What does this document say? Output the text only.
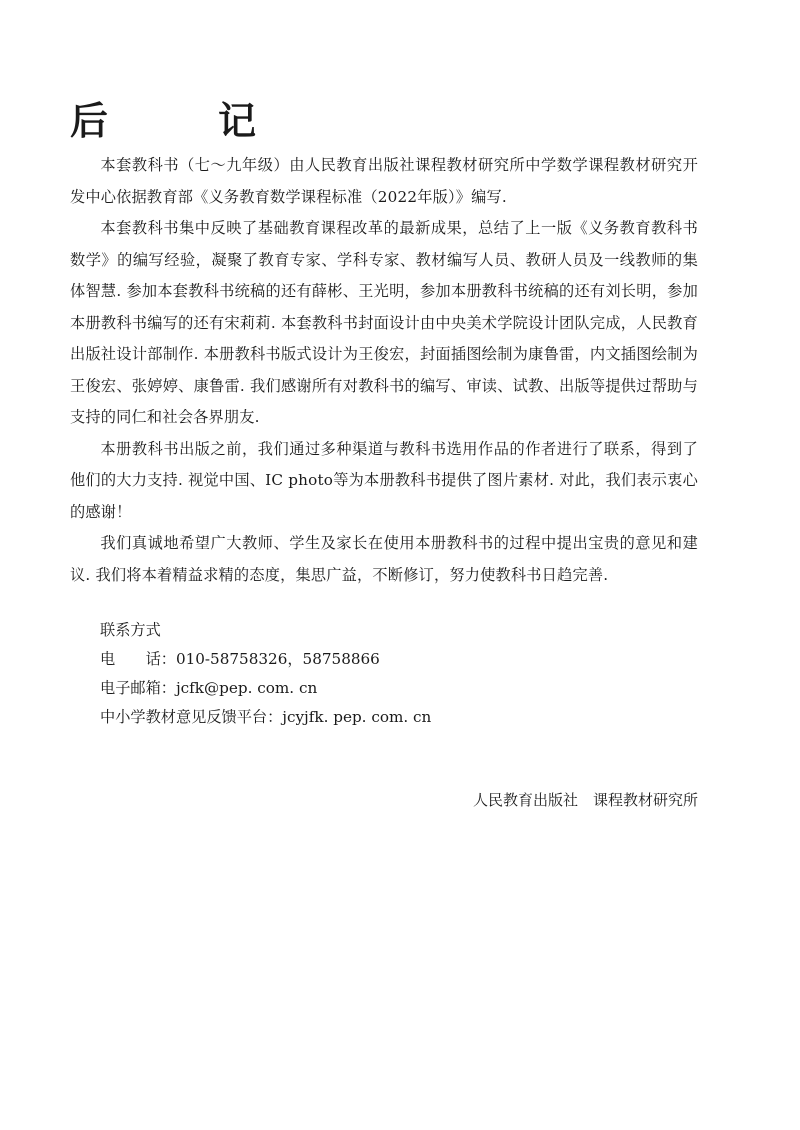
后　记

本套教科书（七～九年级）由人民教育出版社课程教材研究所中学数学课程教材研究开发中心依据教育部《义务教育数学课程标准（2022年版）》编写.

本套教科书集中反映了基础教育课程改革的最新成果，总结了上一版《义务教育教科书　数学》的编写经验，凝聚了教育专家、学科专家、教材编写人员、教研人员及一线教师的集体智慧. 参加本套教科书统稿的还有薛彬、王光明，参加本册教科书统稿的还有刘长明，参加本册教科书编写的还有宋莉莉. 本套教科书封面设计由中央美术学院设计团队完成，人民教育出版社设计部制作. 本册教科书版式设计为王俊宏，封面插图绘制为康鲁雷，内文插图绘制为王俊宏、张婷婷、康鲁雷. 我们感谢所有对教科书的编写、审读、试教、出版等提供过帮助与支持的同仁和社会各界朋友.

本册教科书出版之前，我们通过多种渠道与教科书选用作品的作者进行了联系，得到了他们的大力支持. 视觉中国、IC photo等为本册教科书提供了图片素材. 对此，我们表示衷心的感谢！

我们真诚地希望广大教师、学生及家长在使用本册教科书的过程中提出宝贵的意见和建议. 我们将本着精益求精的态度，集思广益，不断修订，努力使教科书日趋完善.

联系方式
电　　话：010-58758326，58758866
电子邮箱：jcfk@pep. com. cn
中小学教材意见反馈平台：jcyjfk. pep. com. cn
人民教育出版社　课程教材研究所
